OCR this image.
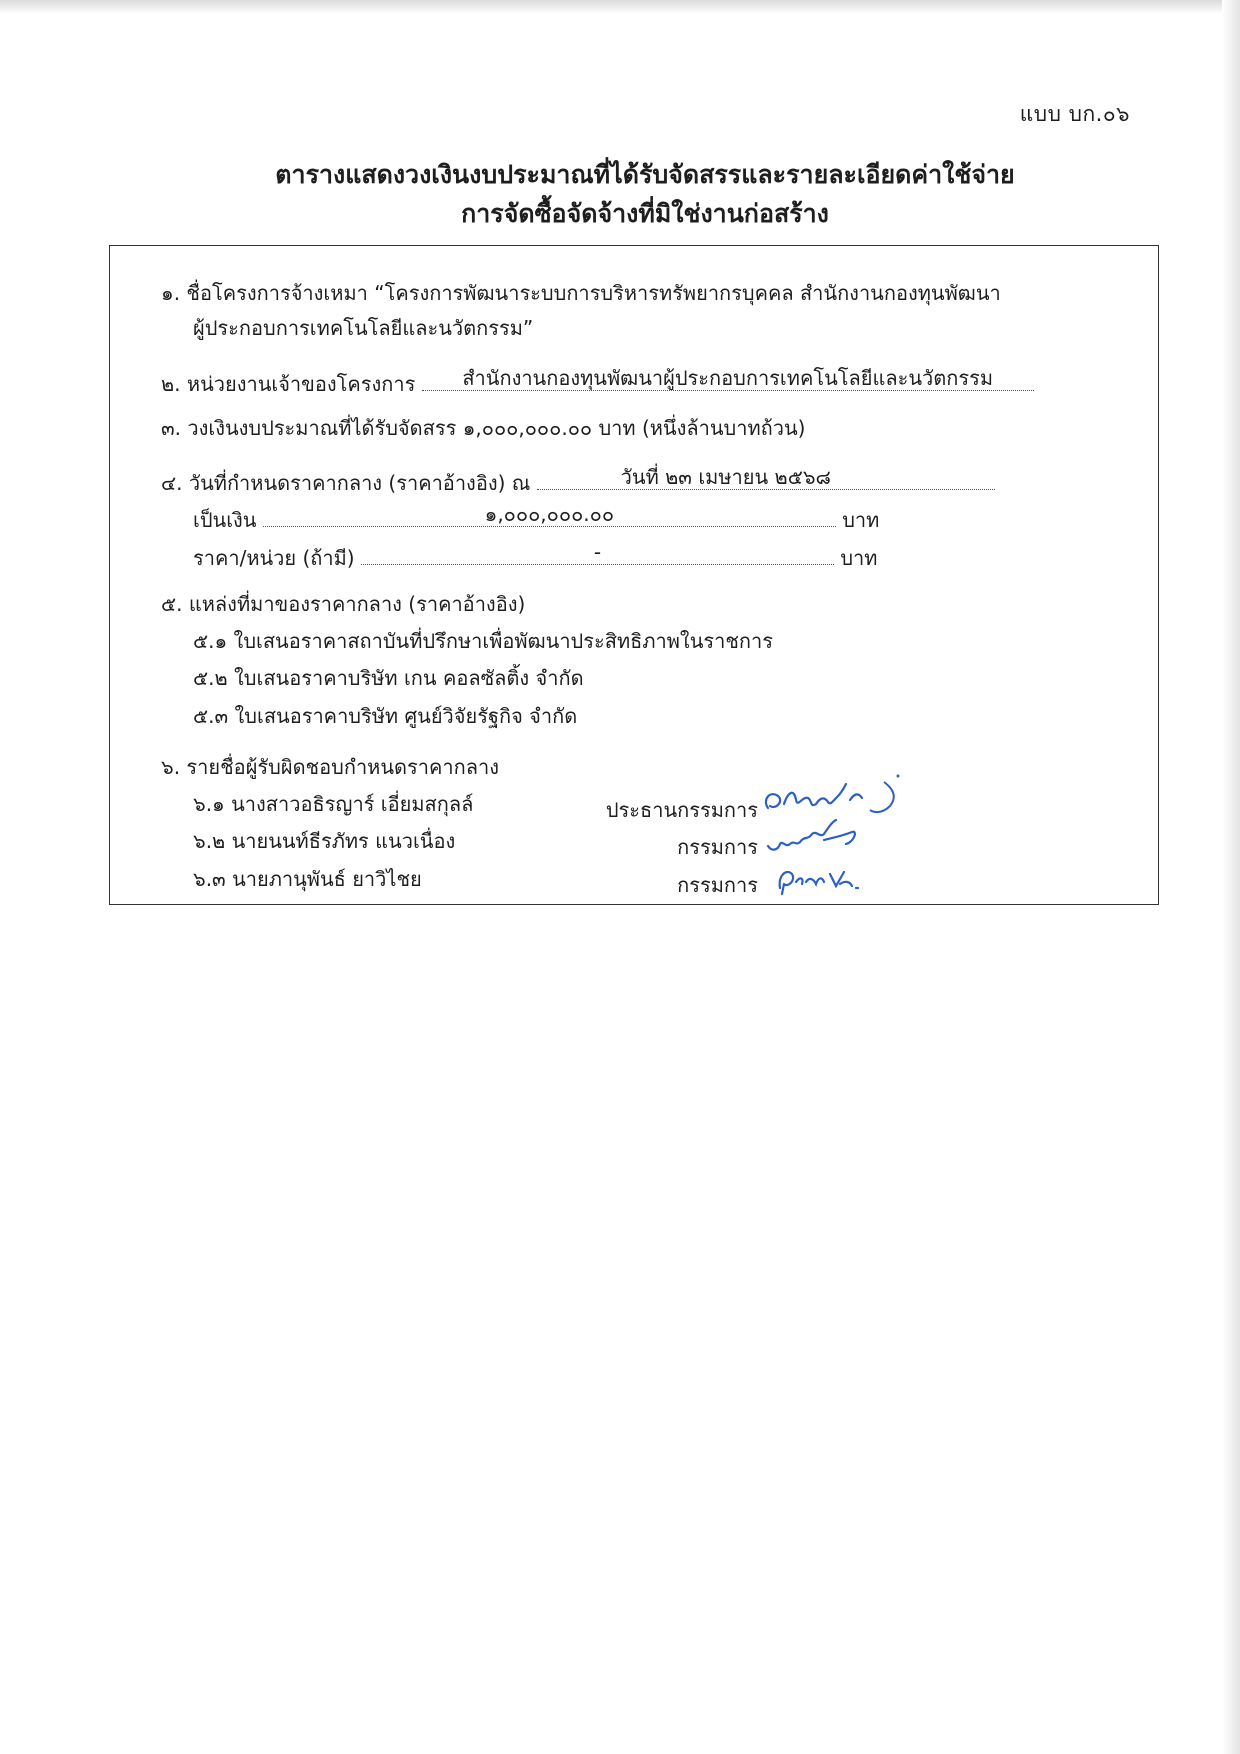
แบบ บก.๐๖
ตารางแสดงวงเงินงบประมาณที่ได้รับจัดสรรและรายละเอียดค่าใช้จ่าย
การจัดซื้อจัดจ้างที่มิใช่งานก่อสร้าง
๑. ชื่อโครงการจ้างเหมา “โครงการพัฒนาระบบการบริหารทรัพยากรบุคคล สำนักงานกองทุนพัฒนา
ผู้ประกอบการเทคโนโลยีและนวัตกรรม”
๒. หน่วยงานเจ้าของโครงการ	สำนักงานกองทุนพัฒนาผู้ประกอบการเทคโนโลยีและนวัตกรรม
๓. วงเงินงบประมาณที่ได้รับจัดสรร ๑,๐๐๐,๐๐๐.๐๐ บาท (หนึ่งล้านบาทถ้วน)
๔. วันที่กำหนดราคากลาง (ราคาอ้างอิง) ณ	วันที่ ๒๓ เมษายน ๒๕๖๘
เป็นเงิน	๑,๐๐๐,๐๐๐.๐๐	บาท
ราคา/หน่วย (ถ้ามี)	-	บาท
๕. แหล่งที่มาของราคากลาง (ราคาอ้างอิง)
๕.๑ ใบเสนอราคาสถาบันที่ปรึกษาเพื่อพัฒนาประสิทธิภาพในราชการ
๕.๒ ใบเสนอราคาบริษัท เกน คอลซัลติ้ง จำกัด
๕.๓ ใบเสนอราคาบริษัท ศูนย์วิจัยรัฐกิจ จำกัด
๖. รายชื่อผู้รับผิดชอบกำหนดราคากลาง
๖.๑ นางสาวอธิรญาร์ เอี่ยมสกุลล์	ประธานกรรมการ
๖.๒ นายนนท์ธีรภัทร แนวเนื่อง	กรรมการ
๖.๓ นายภานุพันธ์ ยาวิไชย	กรรมการ
